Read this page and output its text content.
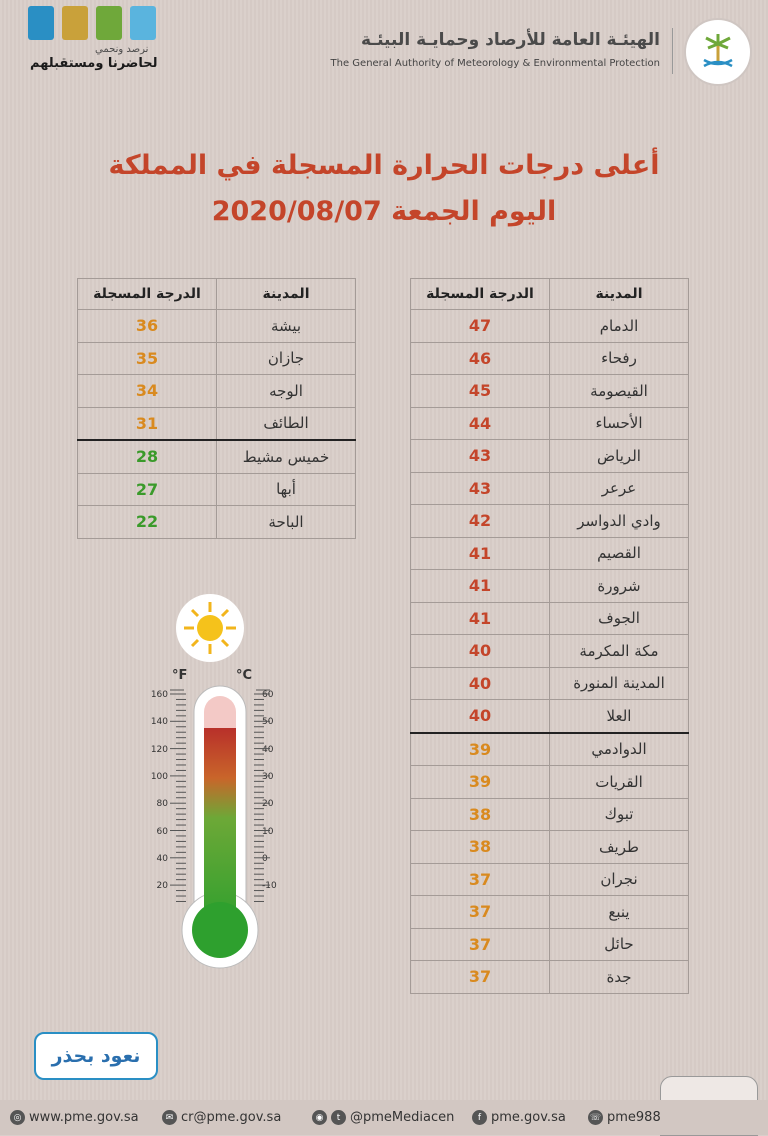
نرصد ونحمي
لحاضرنا ومستقبلهم
الهيئـة العامة للأرصاد وحمايـة البيئـة
The General Authority of Meteorology & Environmental Protection
أعلى درجات الحرارة المسجلة في المملكة
اليوم الجمعة 2020/08/07
المدينة	الدرجة المسجلة
الدمام	47
رفحاء	46
القيصومة	45
الأحساء	44
الرياض	43
عرعر	43
وادي الدواسر	42
القصيم	41
شرورة	41
الجوف	41
مكة المكرمة	40
المدينة المنورة	40
العلا	40
الدوادمي	39
القريات	39
تبوك	38
طريف	38
نجران	37
ينبع	37
حائل	37
جدة	37
المدينة	الدرجة المسجلة
بيشة	36
جازان	35
الوجه	34
الطائف	31
خميس مشيط	28
أبها	27
الباحة	22
°F	°C
160
140
120
100
80
60
40
20
60
50
40
30
20
10
0
-10
نعود بحذر
◎ www.pme.gov.sa	✉ cr@pme.gov.sa	◉	t @pmeMediacen	f pme.gov.sa	☏ pme988
